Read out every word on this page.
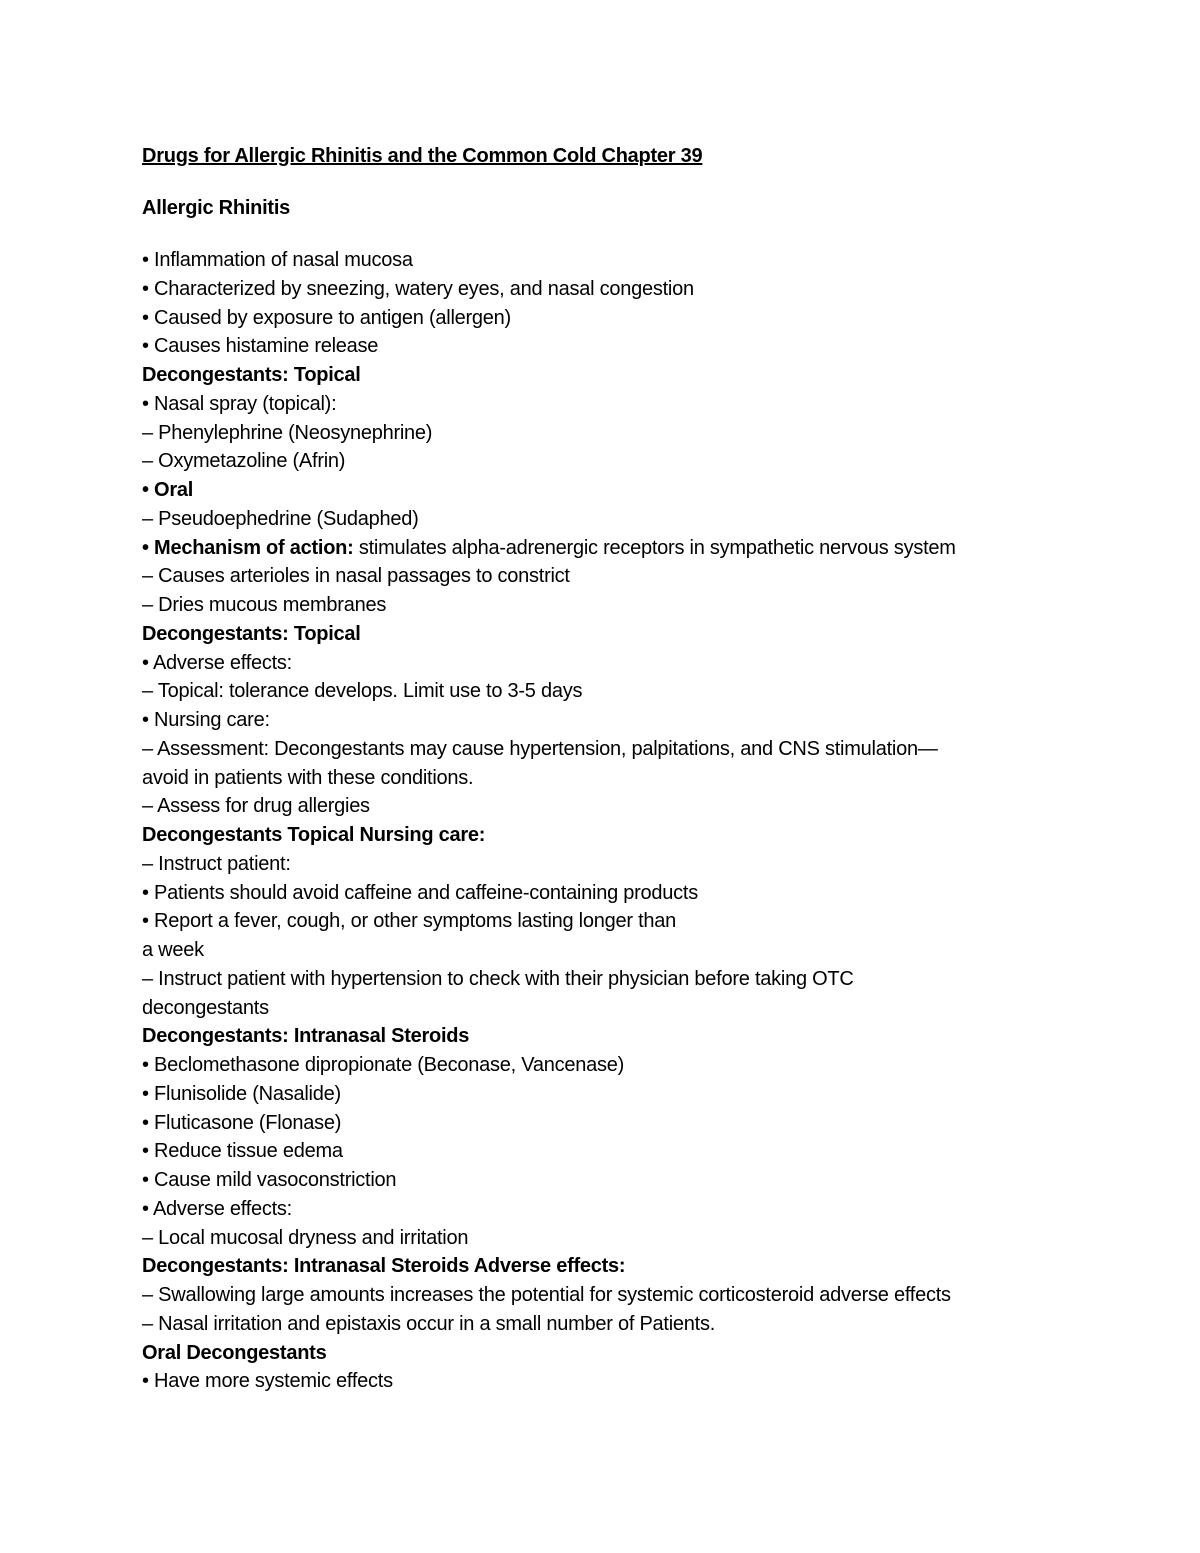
Drugs for Allergic Rhinitis and the Common Cold Chapter 39
Allergic Rhinitis
• Inflammation of nasal mucosa
• Characterized by sneezing, watery eyes, and nasal congestion
• Caused by exposure to antigen (allergen)
• Causes histamine release
Decongestants: Topical
• Nasal spray (topical):
– Phenylephrine (Neosynephrine)
– Oxymetazoline (Afrin)
• Oral
– Pseudoephedrine (Sudaphed)
• Mechanism of action: stimulates alpha-adrenergic receptors in sympathetic nervous system
– Causes arterioles in nasal passages to constrict
– Dries mucous membranes
Decongestants: Topical
• Adverse effects:
– Topical: tolerance develops. Limit use to 3-5 days
• Nursing care:
– Assessment: Decongestants may cause hypertension, palpitations, and CNS stimulation—
avoid in patients with these conditions.
– Assess for drug allergies
Decongestants Topical Nursing care:
– Instruct patient:
• Patients should avoid caffeine and caffeine-containing products
• Report a fever, cough, or other symptoms lasting longer than
a week
– Instruct patient with hypertension to check with their physician before taking OTC
decongestants
Decongestants: Intranasal Steroids
• Beclomethasone dipropionate (Beconase, Vancenase)
• Flunisolide (Nasalide)
• Fluticasone (Flonase)
• Reduce tissue edema
• Cause mild vasoconstriction
• Adverse effects:
– Local mucosal dryness and irritation
Decongestants: Intranasal Steroids Adverse effects:
– Swallowing large amounts increases the potential for systemic corticosteroid adverse effects
– Nasal irritation and epistaxis occur in a small number of Patients.
Oral Decongestants
• Have more systemic effects
